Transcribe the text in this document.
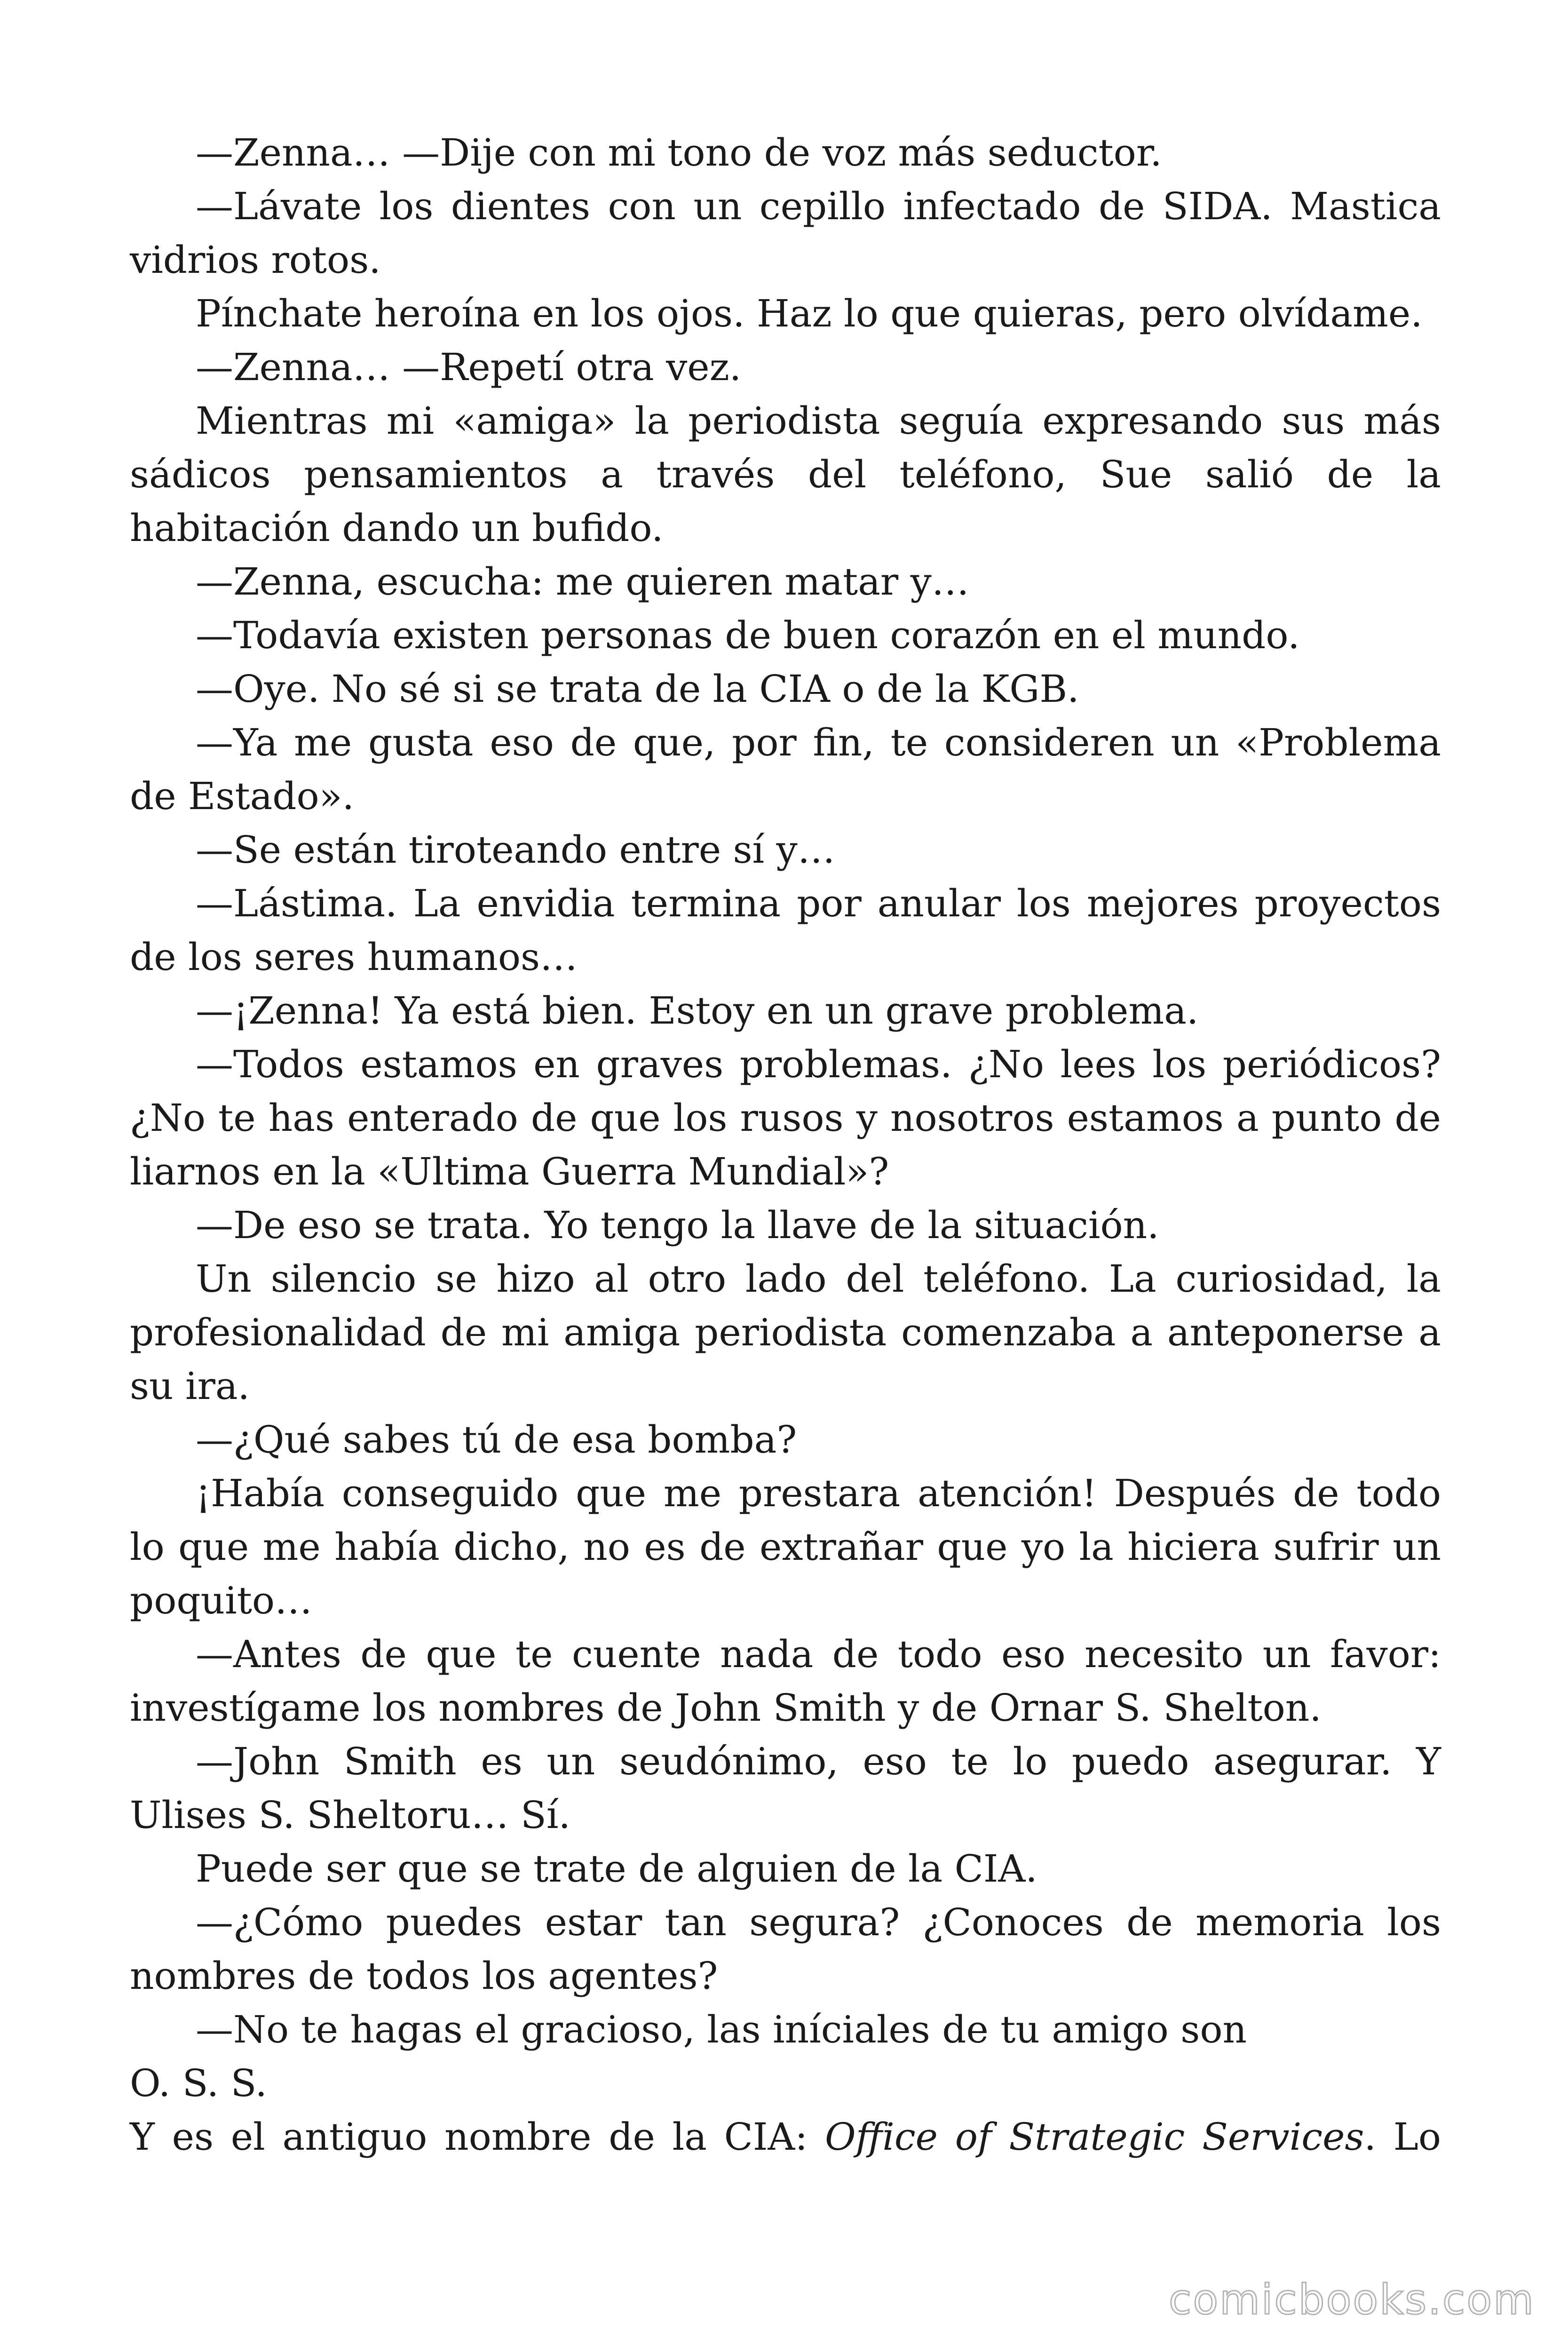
—Zenna… —Dije con mi tono de voz más seductor.

—Lávate los dientes con un cepillo infectado de SIDA. Mastica vidrios rotos.

Pínchate heroína en los ojos. Haz lo que quieras, pero olvídame.

—Zenna… —Repetí otra vez.

Mientras mi «amiga» la periodista seguía expresando sus más sádicos pensamientos a través del teléfono, Sue salió de la habitación dando un bufido.

—Zenna, escucha: me quieren matar y…

—Todavía existen personas de buen corazón en el mundo.

—Oye. No sé si se trata de la CIA o de la KGB.

—Ya me gusta eso de que, por fin, te consideren un «Problema de Estado».

—Se están tiroteando entre sí y…

—Lástima. La envidia termina por anular los mejores proyectos de los seres humanos…

—¡Zenna! Ya está bien. Estoy en un grave problema.

—Todos estamos en graves problemas. ¿No lees los periódicos? ¿No te has enterado de que los rusos y nosotros estamos a punto de liarnos en la «Ultima Guerra Mundial»?

—De eso se trata. Yo tengo la llave de la situación.

Un silencio se hizo al otro lado del teléfono. La curiosidad, la profesionalidad de mi amiga periodista comenzaba a anteponerse a su ira.

—¿Qué sabes tú de esa bomba?

¡Había conseguido que me prestara atención! Después de todo lo que me había dicho, no es de extrañar que yo la hiciera sufrir un poquito…

—Antes de que te cuente nada de todo eso necesito un favor: investígame los nombres de John Smith y de Ornar S. Shelton.

—John Smith es un seudónimo, eso te lo puedo asegurar. Y Ulises S. Sheltoru… Sí.

Puede ser que se trate de alguien de la CIA.

—¿Cómo puedes estar tan segura? ¿Conoces de memoria los nombres de todos los agentes?

—No te hagas el gracioso, las iníciales de tu amigo son

O. S. S.

Y es el antiguo nombre de la CIA: Office of Strategic Services. Lo

comicbooks.com
